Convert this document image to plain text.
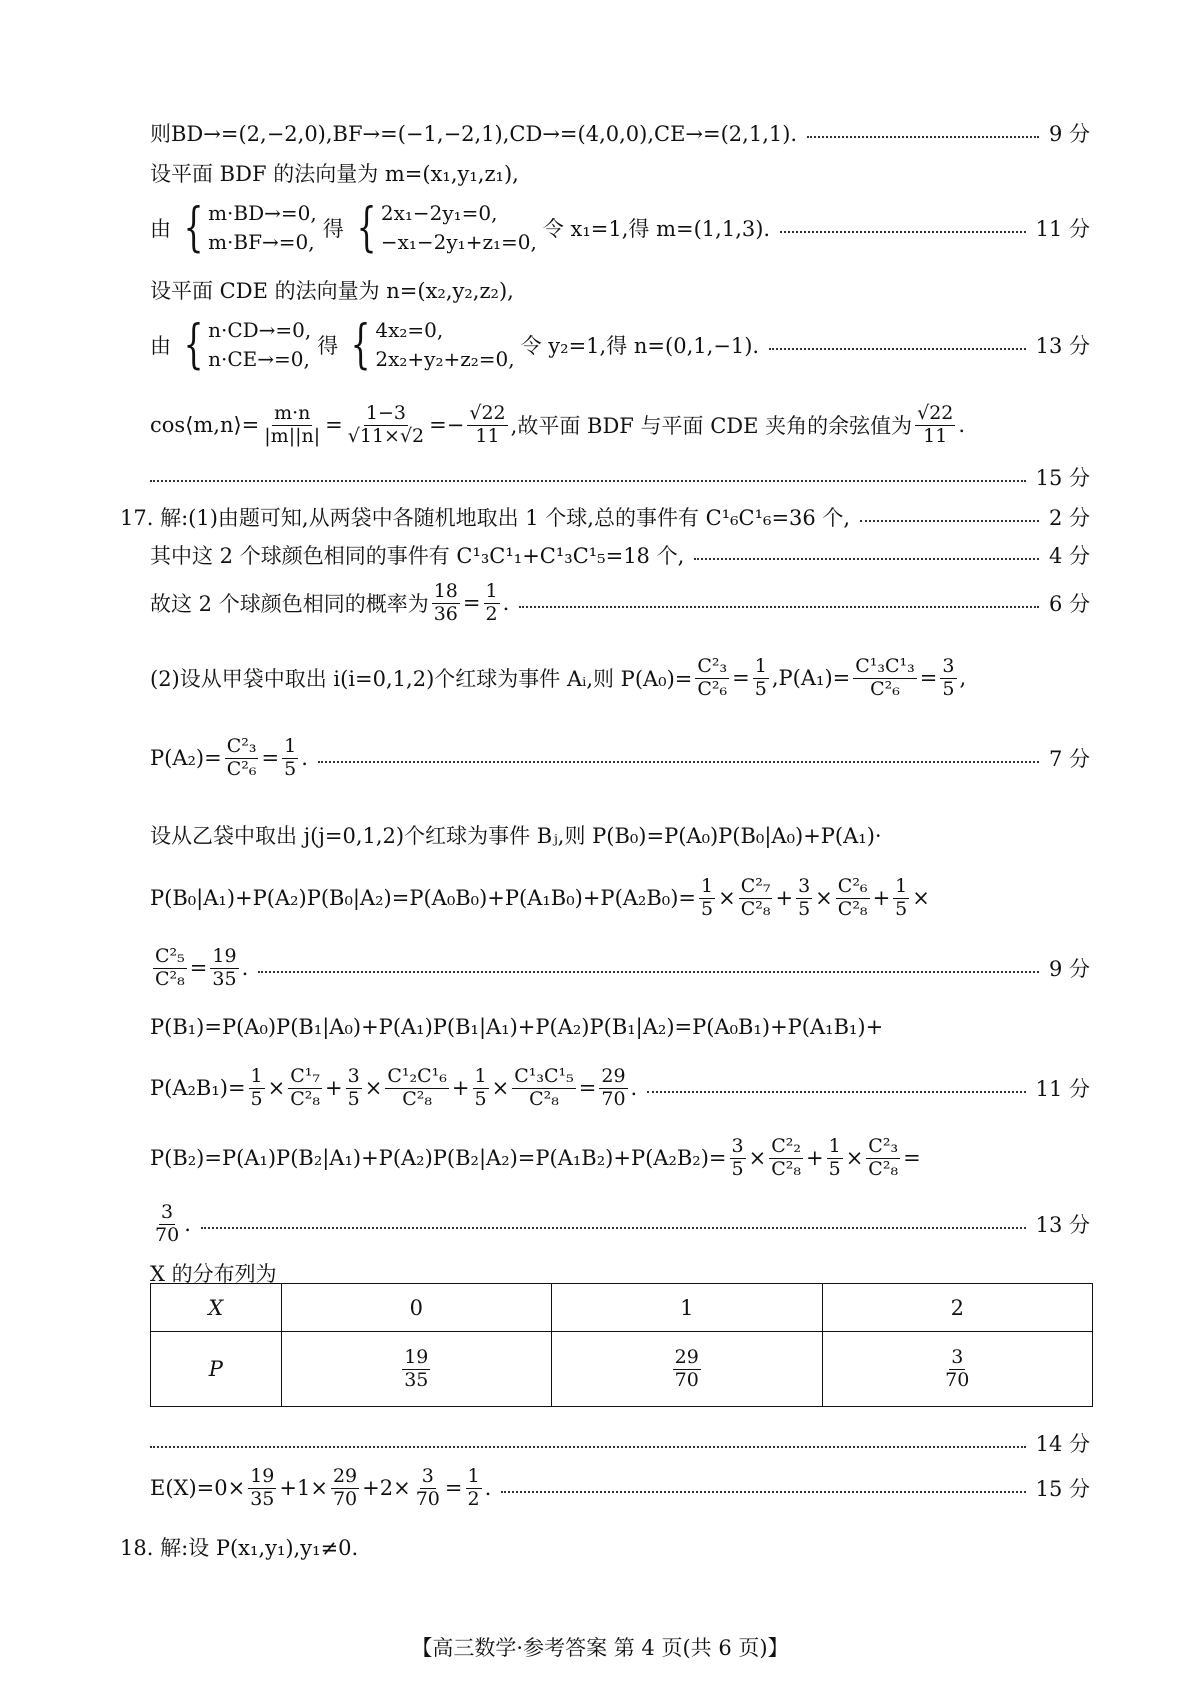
则BD→=(2,−2,0),BF→=(−1,−2,1),CD→=(4,0,0),CE→=(2,1,1).	9 分
设平面 BDF 的法向量为 m=(x₁,y₁,z₁),
由 { m·BD→=0,
m·BF→=0,
得 { 2x₁−2y₁=0,
−x₁−2y₁+z₁=0,
令 x₁=1,得 m=(1,1,3).	11 分
设平面 CDE 的法向量为 n=(x₂,y₂,z₂),
由 { n·CD→=0,
n·CE→=0,
得 { 4x₂=0,
2x₂+y₂+z₂=0,
令 y₂=1,得 n=(0,1,−1).	13 分
cos⟨m,n⟩= $\frac{m\cdot n}{|m||n|} = \frac{1-3}{√11\times√2} =- \frac{√22}{11}$ ,故平面 BDF 与平面 CDE 夹角的余弦值为 $\frac{√22}{11}$ .
15 分
17. 解:(1)由题可知,从两袋中各随机地取出 1 个球,总的事件有 C¹₆C¹₆=36 个,	2 分
其中这 2 个球颜色相同的事件有 C¹₃C¹₁+C¹₃C¹₅=18 个,	4 分
故这 2 个球颜色相同的概率为 $\frac{18}{36} = \frac{1}{2}$ .	6 分
(2)设从甲袋中取出 i(i=0,1,2)个红球为事件 Aᵢ,则 $P(A_0)= \frac{\text{C²₃}}{\text{C²₆}} = \frac{1}{5} ,P(A_1)= \frac{\text{C¹₃C¹₃}}{\text{C²₆}} = \frac{3}{5}$ ,
$P(A_2)= \frac{\text{C²₃}}{\text{C²₆}} = \frac{1}{5}$ .	7 分
设从乙袋中取出 j(j=0,1,2)个红球为事件 Bⱼ,则 P(B₀)=P(A₀)P(B₀|A₀)+P(A₁)·
$P(B_0|A_1)+P(A_2)P(B_0|A_2)=P(A_0B_0)+P(A_1B_0)+P(A_2B_0)= \frac{1}{5} \times \frac{\text{C²₇}}{\text{C²₈}} + \frac{3}{5} \times \frac{\text{C²₆}}{\text{C²₈}} + \frac{1}{5}$ ×
$\frac{\text{C²₅}}{\text{C²₈}} = \frac{19}{35}$ .	9 分
P(B₁)=P(A₀)P(B₁|A₀)+P(A₁)P(B₁|A₁)+P(A₂)P(B₁|A₂)=P(A₀B₁)+P(A₁B₁)+
$P(A_2B_1)= \frac{1}{5} \times \frac{\text{C¹₇}}{\text{C²₈}} + \frac{3}{5} \times \frac{\text{C¹₂C¹₆}}{\text{C²₈}} + \frac{1}{5} \times \frac{\text{C¹₃C¹₅}}{\text{C²₈}} = \frac{29}{70}$ .	11 分
$P(B_2)=P(A_1)P(B_2|A_1)+P(A_2)P(B_2|A_2)=P(A_1B_2)+P(A_2B_2)= \frac{3}{5} \times \frac{\text{C²₂}}{\text{C²₈}} + \frac{1}{5} \times \frac{\text{C²₃}}{\text{C²₈}}$ =
$\frac{3}{70}$ .	13 分
X 的分布列为
X	0	1	2
P	$\frac{19}{35}$	$\frac{29}{70}$	$\frac{3}{70}$
14 分
$E(X)=0\times \frac{19}{35} +1\times \frac{29}{70} +2\times \frac{3}{70} = \frac{1}{2}$ .	15 分
18. 解:设 P(x₁,y₁),y₁≠0.
【高三数学·参考答案 第 4 页(共 6 页)】
